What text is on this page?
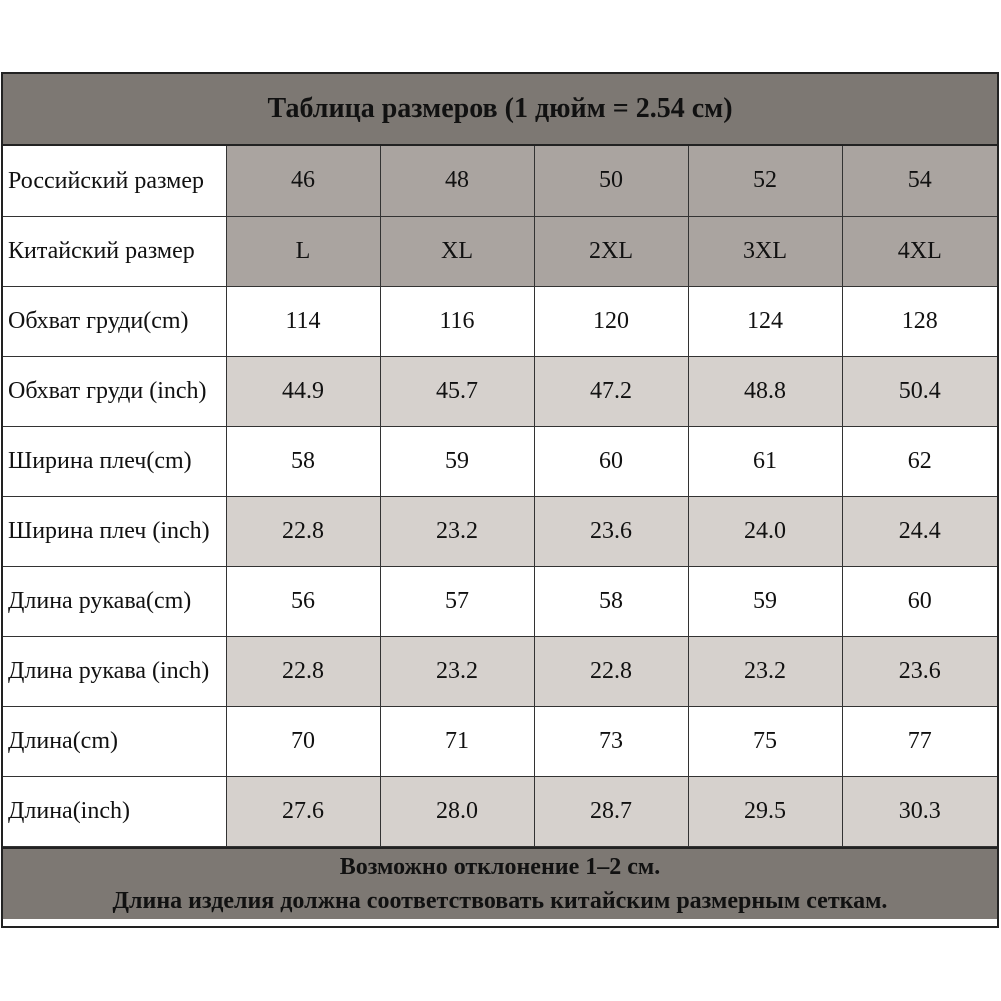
Таблица размеров (1 дюйм = 2.54 см)
Российский размер	46	48	50	52	54
Китайский размер	L	XL	2XL	3XL	4XL
Обхват груди(cm)	114	116	120	124	128
Обхват груди (inch)	44.9	45.7	47.2	48.8	50.4
Ширина плеч(cm)	58	59	60	61	62
Ширина плеч (inch)	22.8	23.2	23.6	24.0	24.4
Длина рукава(cm)	56	57	58	59	60
Длина рукава (inch)	22.8	23.2	22.8	23.2	23.6
Длина(cm)	70	71	73	75	77
Длина(inch)	27.6	28.0	28.7	29.5	30.3
Возможно отклонение 1–2 см.
Длина изделия должна соответствовать китайским размерным сеткам.
